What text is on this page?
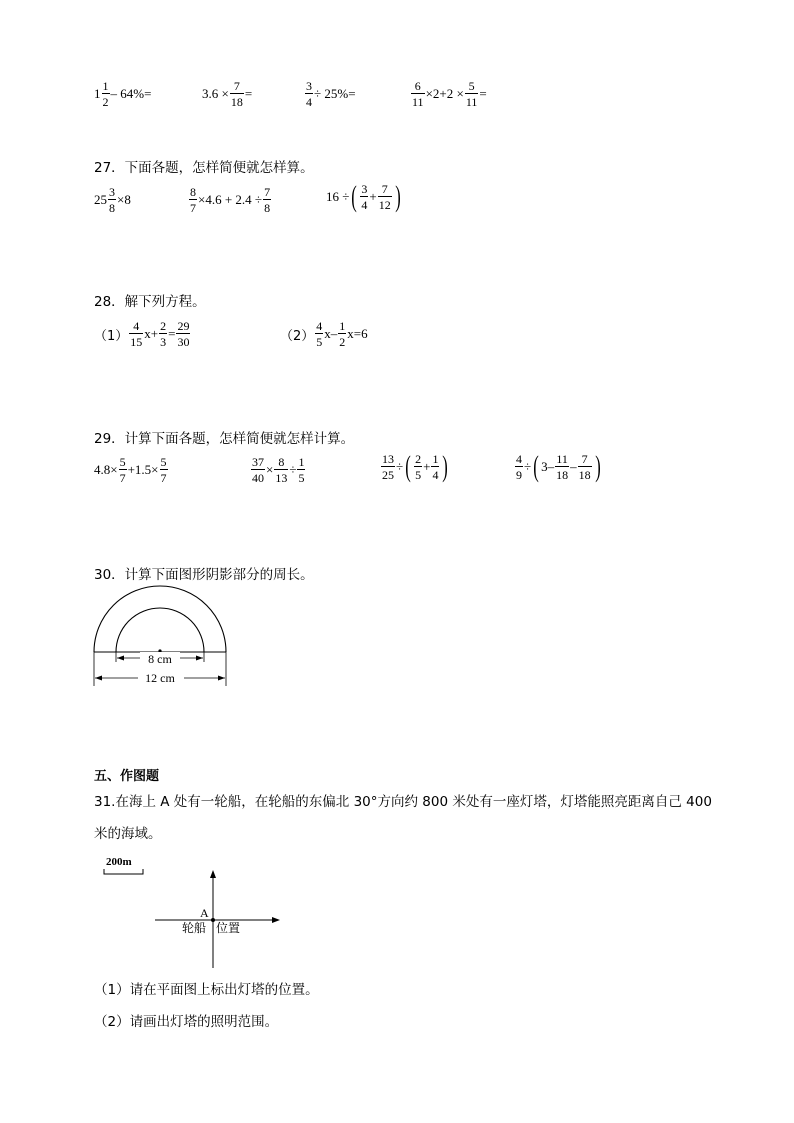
$1 \frac{1}{2} - 64\%=$	$3.6 \times \frac{7}{18}$ =	$\frac{3}{4} \div 25\%=$	$\frac{6}{11} \times 2+2 \times \frac{5}{11}$ =
27．下面各题，怎样简便就怎样算。
$25 \frac{3}{8} \times 8$	$\frac{8}{7} \times 4.6 + 2.4 \div \frac{7}{8}$	16 ÷ ( $\frac{3}{4} + \frac{7}{12}$ )
28．解下列方程。
$(1) \frac{4}{15} x+ \frac{2}{3} = \frac{29}{30}$	$(2) \frac{4}{5} x- \frac{1}{2} x=6$
29．计算下面各题，怎样简便就怎样计算。
$4.8\times \frac{5}{7} +1.5\times \frac{5}{7}$	$\frac{37}{40} \times \frac{8}{13} \div \frac{1}{5}$	$\frac{13}{25}$ ÷ ( $\frac{2}{5} + \frac{1}{4}$ )	$\frac{4}{9}$ ÷ ( $3- \frac{11}{18} - \frac{7}{18}$ )
30．计算下面图形阴影部分的周长。
8 cm
12 cm
五、作图题
31.在海上 A 处有一轮船，在轮船的东偏北 30°方向约 800 米处有一座灯塔，灯塔能照亮距离自己 400
米的海域。
200m
A
轮船 位置
（1）请在平面图上标出灯塔的位置。
（2）请画出灯塔的照明范围。
